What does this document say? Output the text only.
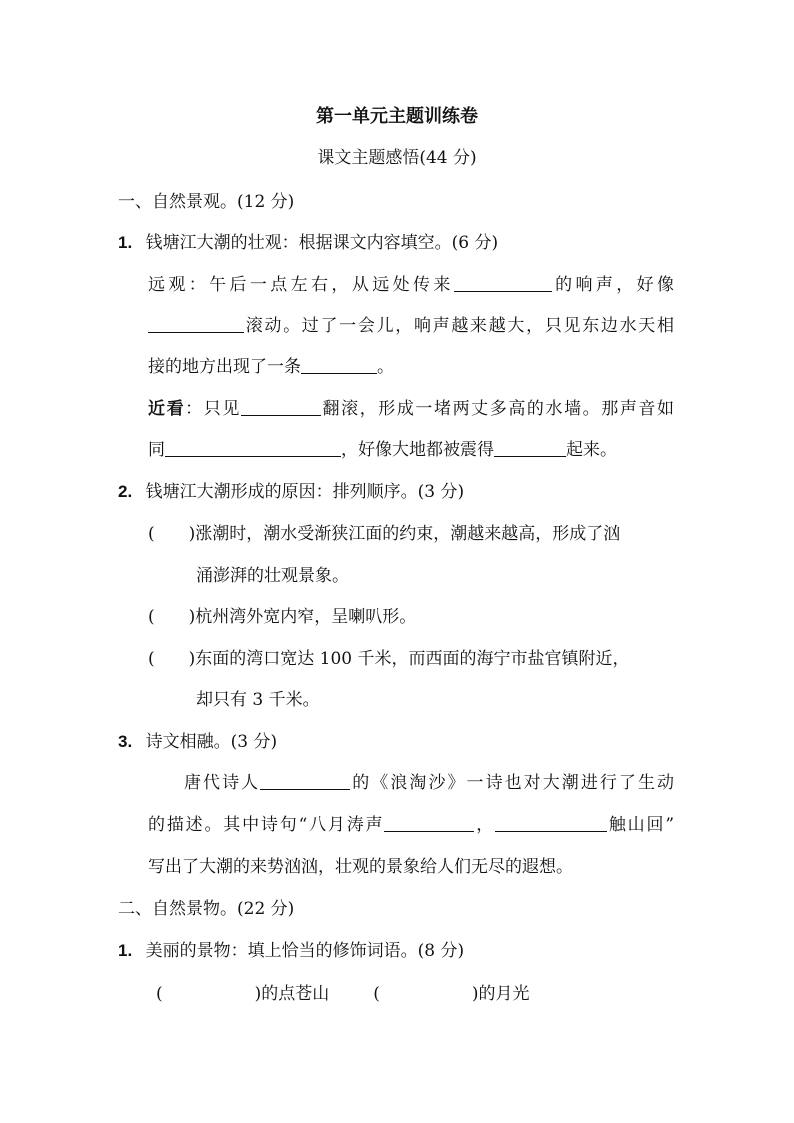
第一单元主题训练卷
课文主题感悟(44 分)
一、自然景观。(12 分)
1. 钱塘江大潮的壮观：根据课文内容填空。(6 分)
远观：午后一点左右，从远处传来	的响声，好像
滚动。过了一会儿，响声越来越大，只见东边水天相
接的地方出现了一条	。
近看：只见	翻滚，形成一堵两丈多高的水墙。那声音如
同	，好像大地都被震得	起来。
2. 钱塘江大潮形成的原因：排列顺序。(3 分)
( )涨潮时，潮水受渐狭江面的约束，潮越来越高，形成了汹
涌澎湃的壮观景象。
( )杭州湾外宽内窄，呈喇叭形。
( )东面的湾口宽达 100 千米，而西面的海宁市盐官镇附近，
却只有 3 千米。
3. 诗文相融。(3 分)
唐代诗人	的《浪淘沙》一诗也对大潮进行了生动
的描述。其中诗句“八月涛声	，	触山回”
写出了大潮的来势汹汹，壮观的景象给人们无尽的遐想。
二、自然景物。(22 分)
1. 美丽的景物：填上恰当的修饰词语。(8 分)
(	)的点苍山	(	)的月光
